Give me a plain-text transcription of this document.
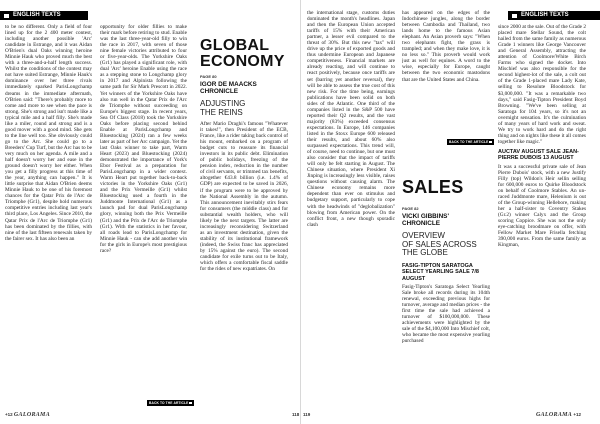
ENGLISH TEXTS	ENGLISH TEXTS

to be no different. Only a field of four lined up for the 2 400 meter contest, including another possible 'Arc' candidate in Estrange, and it was Aidan O'Brien's dual Oaks winning heroine Minnie Hauk who proved much the best with a three-and-a-half length success. Whilst the conditions of the contest may not have suited Estrange, Minnie Hauk's dominance over her three rivals immediately sparked ParisLongchamp dreams in the immediate aftermath, O'Brien said: "There's probably more to come and more to see when the pace is strong. She's strong and isn't made like a typical mile and a half filly. She's made like a miler, round and strong and is a good mover with a good mind. She gets to the line well too. She obviously could go to the Arc. She could go to a Breeders' Cup Turf, but the Arc has to be very much on her agenda. A mile and a half doesn't worry her and ease in the ground doesn't worry her either. When you get a filly progress at this time of the year, anything can happen." It is little surprise that Aidan O'Brien deems Minnie Hauk to be one of his foremost chances for the Qatar Prix de l'Arc de Triomphe (Gr1), despite hold numerous competitive entries including last year's third place, Los Angeles. Since 2010, the Qatar Prix de l'Arc de Triomphe (Gr1) has been dominated by the fillies, with nine of the last fifteen renewals taken by the fairer sex. It has also been an

opportunity for older fillies to make their mark before retiring to stud. Enable was the last three-year-old filly to win the race in 2017, with seven of those nine female victories attributed to four or five-year-olds. The Yorkshire Oaks (Gr1) has played a significant role, with dual 'Arc' heroine Enable using the race as a stepping stone to Longchamp glory in 2017 and Alpinista following the same path for Sir Mark Prescott in 2022. Yet winners of the Yorkshire Oaks have also run well in the Qatar Prix de l'Arc de Triomphe without succeeding on Europe's biggest stage. In recent years, Sea Of Class (2018) took the Yorkshire Oaks before placing second behind Enable at ParisLongchamp and Bluestocking (2024) ran a few weeks later as part of her Arc campaign. Yet the last Oaks winner to take part, Warm Heart (2023) and Bluestocking (2024) demonstrated the importance of York's Ebor Festival as a preparation for ParisLongchamp in a wider context. Warm Heart put together back-to-back victories in the Yorkshire Oaks (Gr1) and the Prix Vermeille (Gr1) whilst Bluestocking used a fourth in the Juddmonte International (Gr1) as a launch pad for dual ParisLongchamp glory, winning both the Prix Vermeille (Gr1) and the Prix de l'Arc de Triomphe (Gr1). With the statistics in her favour, all roads lead to ParisLongchamp for Minnie Hauk - can she add another win for the girls in Europe's most prestigious race?

BACK TO THE ARTICLE
GLOBAL
ECONOMY
PAGE 80
IGOR DE MAACKS
CHRONICLE
ADJUSTING
THE REINS

After Mario Draghi's famous "Whatever it takes!", then President of the ECB, France, like a rider taking back control of his mount, embarked on a program of budget cuts to reassure its financial investors in its public debt. Elimination of public holidays, freezing of the pension index, reduction in the number of civil servants, or trimmed tax benefits, altogether €43.8 billion (i.e. 1.4% of GDP) are expected to be saved in 2026, if the program were to be approved by the National Assembly in the autumn. This announcement inevitably stirs fears for consumers (the middle class) and for substantial wealth holders, who will likely be the next targets. The latter are increasingly reconsidering Switzerland as an investment destination, given the stability of its institutional framework (indeed, the Swiss franc has appreciated by 15% against the euro). The second candidate for exile turns out to be Italy, which offers a comfortable fiscal saddle for the rides of new expatriates. On

the international stage, customs duties dominated the month's headlines. Japan and then the European Union accepted tariffs of 15% with their American partner, a lesser evil compared to the threat of 30%. But this new "tax" will drive up the price of exported goods and thus undermine European and Japanese competitiveness. Financial markets are already reacting, and will continue to react positively, because once tariffs are set (barring yet another reversal), they will be able to assess the true cost of this new risk. For the time being, earnings publications have been solid on both sides of the Atlantic. One third of the companies listed in the S&P 500 have reported their Q2 results, and the vast majority (83%) exceeded consensus expectations. In Europe, 146 companies listed in the Stoxx Europe 600 released their results, and about 60% also surpassed expectations. This trend will, of course, need to continue, but one must also consider that the impact of tariffs will only be felt starting in August. The Chinese situation, where President Xi Jinping is increasingly less visible, raises questions without causing alarm. The Chinese economy remains more dependent than ever on stimulus and budgetary support, particularly to cope with the headwinds of "deglobalization" blowing from American power. On the conflict front, a new though sporadic clash

has appeared on the edges of the Indochinese jungles, along the border between Cambodia and Thailand, two lands home to the famous Asian elephant. An Asian proverb says: "When two elephants fight, the grass is trampled; and when they make love, it is no less so." This proverb would work just as well for equines. A word to the wise, especially for Europe, caught between the two economic mastodons that are the United States and China.

BACK TO THE ARTICLE
SALES
PAGE 82
VICKI GIBBINS'
CHRONICLE
OVERVIEW
OF SALES ACROSS
THE GLOBE
FASIG-TIPTON SARATOGA SELECT YEARLING SALE 7/8 AUGUST

Fasig-Tipton's Saratoga Select Yearling Sale broke all records during its 104th renewal, exceeding previous highs for turnover, average and median prices - the first time the sale had achieved a turnover of $100,000,000. These achievements were highlighted by the sale of the $4,100,000 Into Mischief colt, who became the most expensive yearling purchased

since 2000 at the sale. Out of the Grade 2 placed mare Stellar Sound, the colt hailed from the same family as numerous Grade 1 winners like George Vancouver and General Assembly, attracting the attention of Coolmore/White Birch Farms who signed the docket. Into Mischief was also responsible for the second highest-lot of the sale, a colt out of the Grade 1-placed mare Lady Kate, selling to Resolute Bloodstock for $3,000,000. "It was a remarkable two days," said Fasig-Tipton President Boyd Browning. "We've been selling at Saratoga for 104 years, so it's not an overnight sensation. It's the culmination of many years of hard work and sweat. We try to work hard and do the right thing and on nights like these it all comes together like magic."

AUCTAV AUGUST SALE JEAN-PIERRE DUBOIS 13 AUGUST

It was a successful private sale of Jean Pierre Dubois' stock, with a new Justify Filly (top) Wildon's Heir sellin selling for 600,000 euros to Quirke Bloodstock on behalf of Coolmore Stables. An un-raced Juddmonte mare, Helenium is out of the Group-winning Hellebore, making her a half-sister to Coventry Stakes (Gr.2) winner Calyx and the Group scoring Coppice. She was not the only eye-catching broodmare on offer, with Fellow Market Mare Frisella fetching 390,000 euros. From the same family as Kingman,

+12 GALORAMA	118 119	GALORAMA +12
